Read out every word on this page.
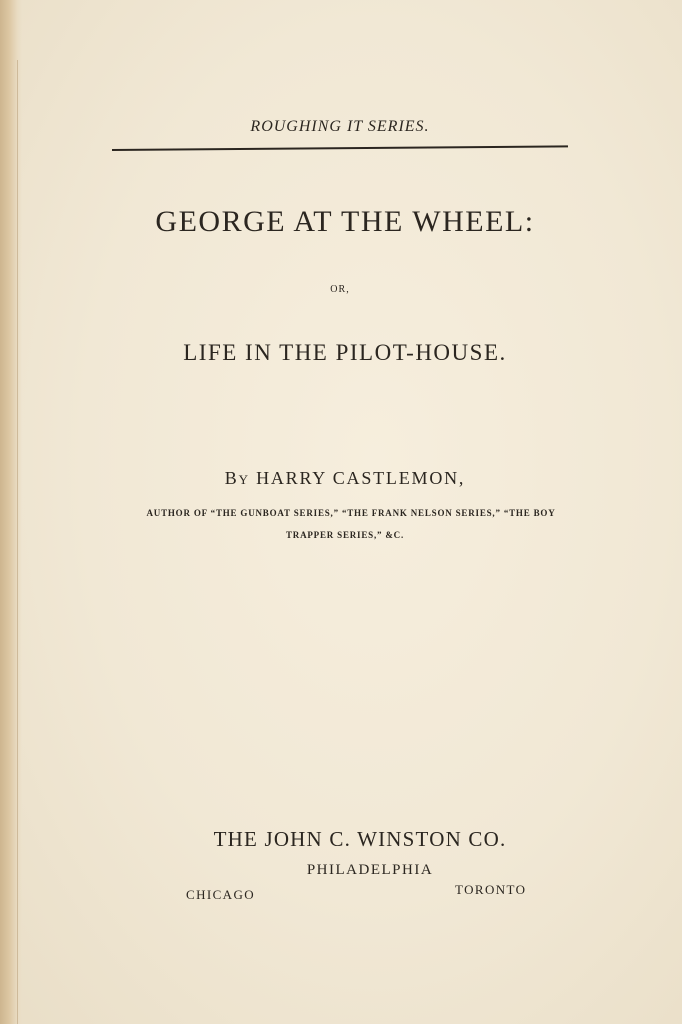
ROUGHING IT SERIES.
GEORGE AT THE WHEEL:
OR,
LIFE IN THE PILOT-HOUSE.
BY HARRY CASTLEMON,
AUTHOR OF “THE GUNBOAT SERIES,” “THE FRANK NELSON SERIES,” “THE BOY
TRAPPER SERIES,” &C.
THE JOHN C. WINSTON CO.
PHILADELPHIA
CHICAGO	TORONTO
